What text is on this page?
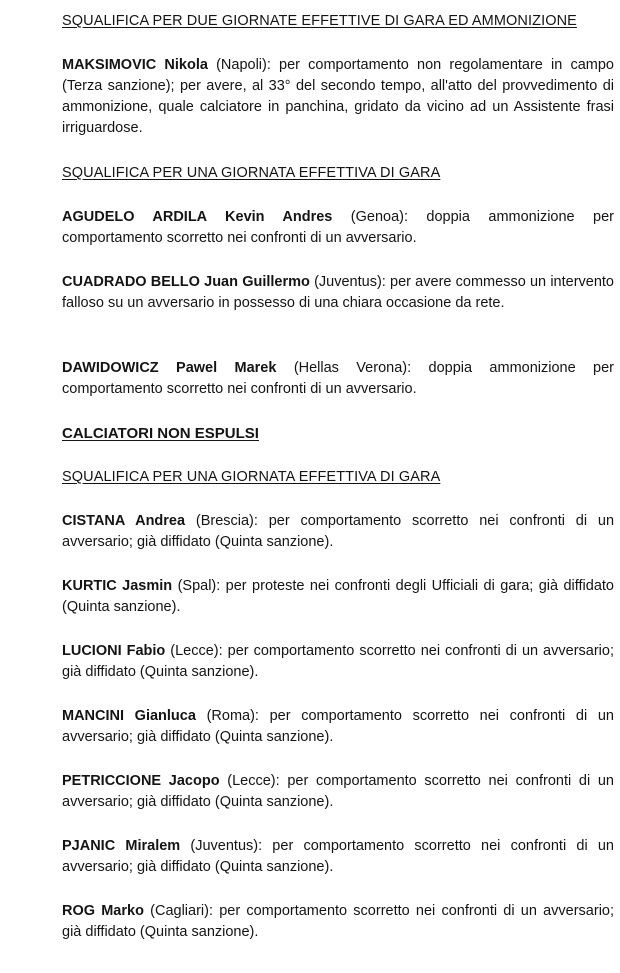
SQUALIFICA PER DUE GIORNATE EFFETTIVE DI GARA ED AMMONIZIONE

MAKSIMOVIC Nikola (Napoli): per comportamento non regolamentare in campo (Terza sanzione); per avere, al 33° del secondo tempo, all'atto del provvedimento di ammonizione, quale calciatore in panchina, gridato da vicino ad un Assistente frasi irriguardose.

SQUALIFICA PER UNA GIORNATA EFFETTIVA DI GARA

AGUDELO ARDILA Kevin Andres (Genoa): doppia ammonizione per comportamento scorretto nei confronti di un avversario.

CUADRADO BELLO Juan Guillermo (Juventus): per avere commesso un intervento falloso su un avversario in possesso di una chiara occasione da rete.

DAWIDOWICZ Pawel Marek (Hellas Verona): doppia ammonizione per comportamento scorretto nei confronti di un avversario.

CALCIATORI NON ESPULSI

SQUALIFICA PER UNA GIORNATA EFFETTIVA DI GARA

CISTANA Andrea (Brescia): per comportamento scorretto nei confronti di un avversario; già diffidato (Quinta sanzione).

KURTIC Jasmin (Spal): per proteste nei confronti degli Ufficiali di gara; già diffidato (Quinta sanzione).

LUCIONI Fabio (Lecce): per comportamento scorretto nei confronti di un avversario; già diffidato (Quinta sanzione).

MANCINI Gianluca (Roma): per comportamento scorretto nei confronti di un avversario; già diffidato (Quinta sanzione).

PETRICCIONE Jacopo (Lecce): per comportamento scorretto nei confronti di un avversario; già diffidato (Quinta sanzione).

PJANIC Miralem (Juventus): per comportamento scorretto nei confronti di un avversario; già diffidato (Quinta sanzione).

ROG Marko (Cagliari): per comportamento scorretto nei confronti di un avversario; già diffidato (Quinta sanzione).
